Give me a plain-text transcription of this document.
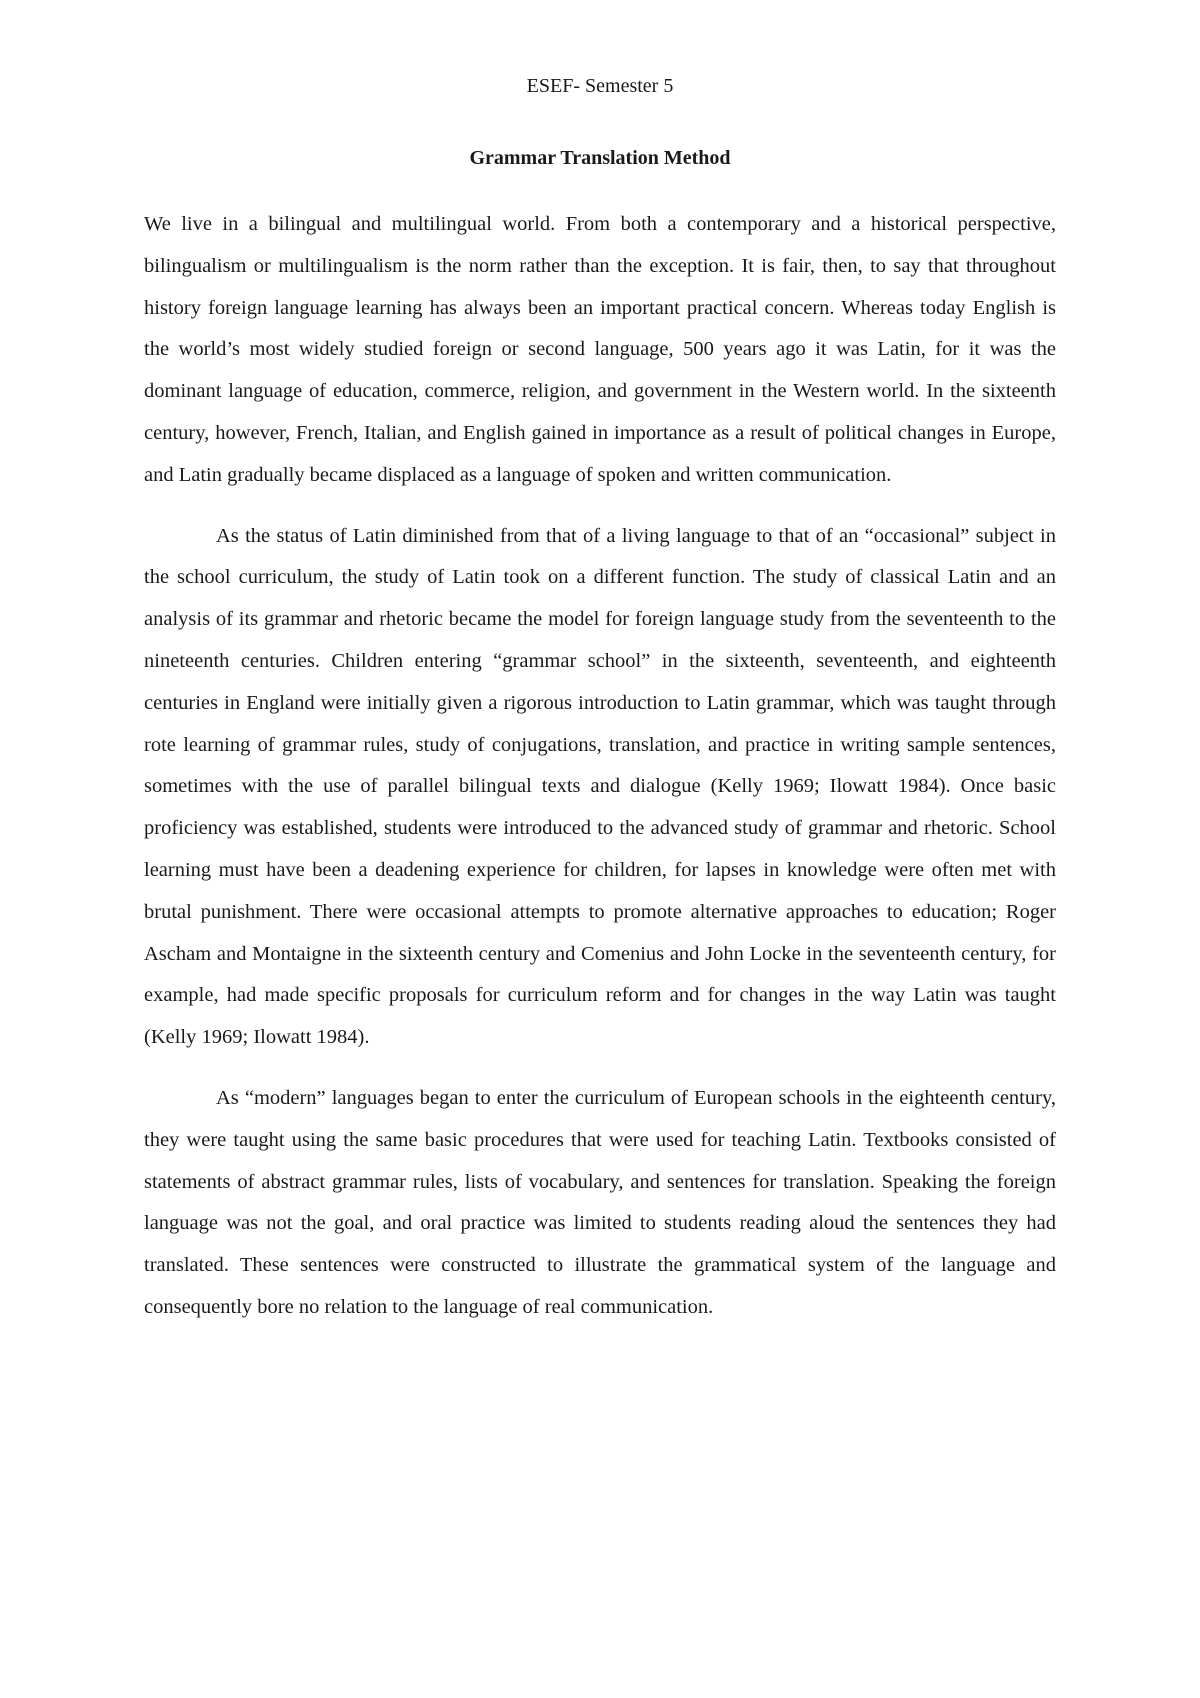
ESEF- Semester 5
Grammar Translation Method

We live in a bilingual and multilingual world. From both a contemporary and a historical perspective, bilingualism or multilingualism is the norm rather than the exception. It is fair, then, to say that throughout history foreign language learning has always been an important practical concern. Whereas today English is the world’s most widely studied foreign or second language, 500 years ago it was Latin, for it was the dominant language of education, commerce, religion, and government in the Western world. In the sixteenth century, however, French, Italian, and English gained in importance as a result of political changes in Europe, and Latin gradually became displaced as a language of spoken and written communication.

As the status of Latin diminished from that of a living language to that of an “occasional” subject in the school curriculum, the study of Latin took on a different function. The study of classical Latin and an analysis of its grammar and rhetoric became the model for foreign language study from the seventeenth to the nineteenth centuries. Children entering “grammar school” in the sixteenth, seventeenth, and eighteenth centuries in England were initially given a rigorous introduction to Latin grammar, which was taught through rote learning of grammar rules, study of conjugations, translation, and practice in writing sample sentences, sometimes with the use of parallel bilingual texts and dialogue (Kelly 1969; Ilowatt 1984). Once basic proficiency was established, students were introduced to the advanced study of grammar and rhetoric. School learning must have been a deadening experience for children, for lapses in knowledge were often met with brutal punishment. There were occasional attempts to promote alternative approaches to education; Roger Ascham and Montaigne in the sixteenth century and Comenius and John Locke in the seventeenth century, for example, had made specific proposals for curriculum reform and for changes in the way Latin was taught (Kelly 1969; Ilowatt 1984).

As “modern” languages began to enter the curriculum of European schools in the eighteenth century, they were taught using the same basic procedures that were used for teaching Latin. Textbooks consisted of statements of abstract grammar rules, lists of vocabulary, and sentences for translation. Speaking the foreign language was not the goal, and oral practice was limited to students reading aloud the sentences they had translated. These sentences were constructed to illustrate the grammatical system of the language and consequently bore no relation to the language of real communication.
